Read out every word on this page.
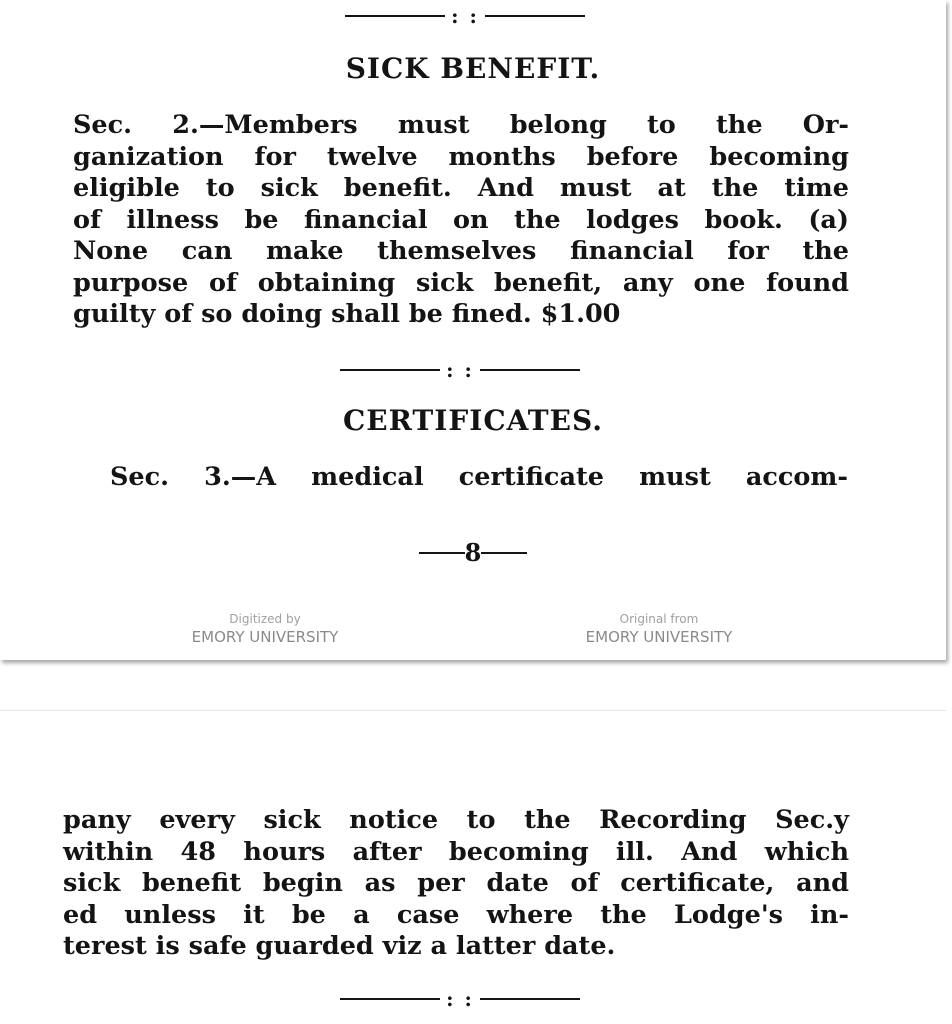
: :
SICK BENEFIT.
Sec. 2.—Members must belong to the Or-
ganization for twelve months before becoming
eligible to sick benefit. And must at the time
of illness be financial on the lodges book. (a)
None can make themselves financial for the
purpose of obtaining sick benefit, any one found
guilty of so doing shall be fined. $1.00
: :
CERTIFICATES.
Sec. 3.—A medical certificate must accom-
8
Digitized by
EMORY UNIVERSITY
Original from
EMORY UNIVERSITY
pany every sick notice to the Recording Sec.y
within 48 hours after becoming ill. And which
sick benefit begin as per date of certificate, and
ed unless it be a case where the Lodge's in-
terest is safe guarded viz a latter date.
: :
